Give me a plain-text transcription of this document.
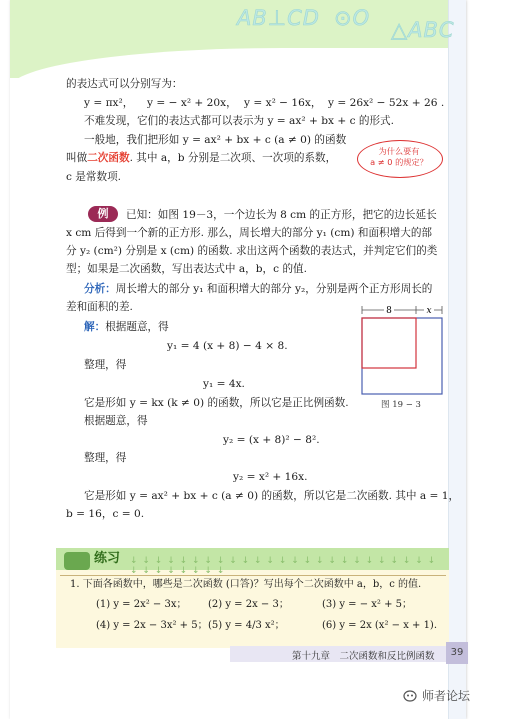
AB⊥CD ⊙O △ABC
的表达式可以分别写为：
y = πx²， y = − x² + 20x， y = x² − 16x， y = 26x² − 52x + 26 .
不难发现，它们的表达式都可以表示为 y = ax² + bx + c 的形式.
一般地，我们把形如 y = ax² + bx + c (a ≠ 0) 的函数
叫做二次函数. 其中 a，b 分别是二次项、一次项的系数，
c 是常数项.
为什么要有
a ≠ 0 的规定？
例	已知：如图 19－3，一个边长为 8 cm 的正方形，把它的边长延长
x cm 后得到一个新的正方形. 那么，周长增大的部分 y₁ (cm) 和面积增大的部
分 y₂ (cm²) 分别是 x (cm) 的函数. 求出这两个函数的表达式，并判定它们的类
型；如果是二次函数，写出表达式中 a，b，c 的值.
分析：周长增大的部分 y₁ 和面积增大的部分 y₂，分别是两个正方形周长的
差和面积的差.
解：根据题意，得
y₁ = 4 (x + 8) − 4 × 8.
整理，得
y₁ = 4x.
它是形如 y = kx (k ≠ 0) 的函数，所以它是正比例函数.
根据题意，得
y₂ = (x + 8)² − 8².
整理，得
y₂ = x² + 16x.
它是形如 y = ax² + bx + c (a ≠ 0) 的函数，所以它是二次函数. 其中 a = 1，
b = 16，c = 0.
8	x
图 19 − 3
练习 ↓ ↓ ↓ ↓ ↓ ↓ ↓ ↓ ↓ ↓ ↓ ↓ ↓ ↓ ↓ ↓ ↓ ↓ ↓ ↓ ↓ ↓ ↓ ↓ ↓ ↓ ↓ ↓ ↓ ↓ ↓ ↓ ↓
1. 下面各函数中，哪些是二次函数 (口答)？写出每个二次函数中 a，b，c 的值.
(1) y = 2x² − 3x； (2) y = 2x − 3；	(3) y = − x² + 5；
(4) y = 2x − 3x² + 5； (5) y = 4/3 x²；	(6) y = 2x (x² − x + 1).
第十九章　二次函数和反比例函数	39
师者论坛
